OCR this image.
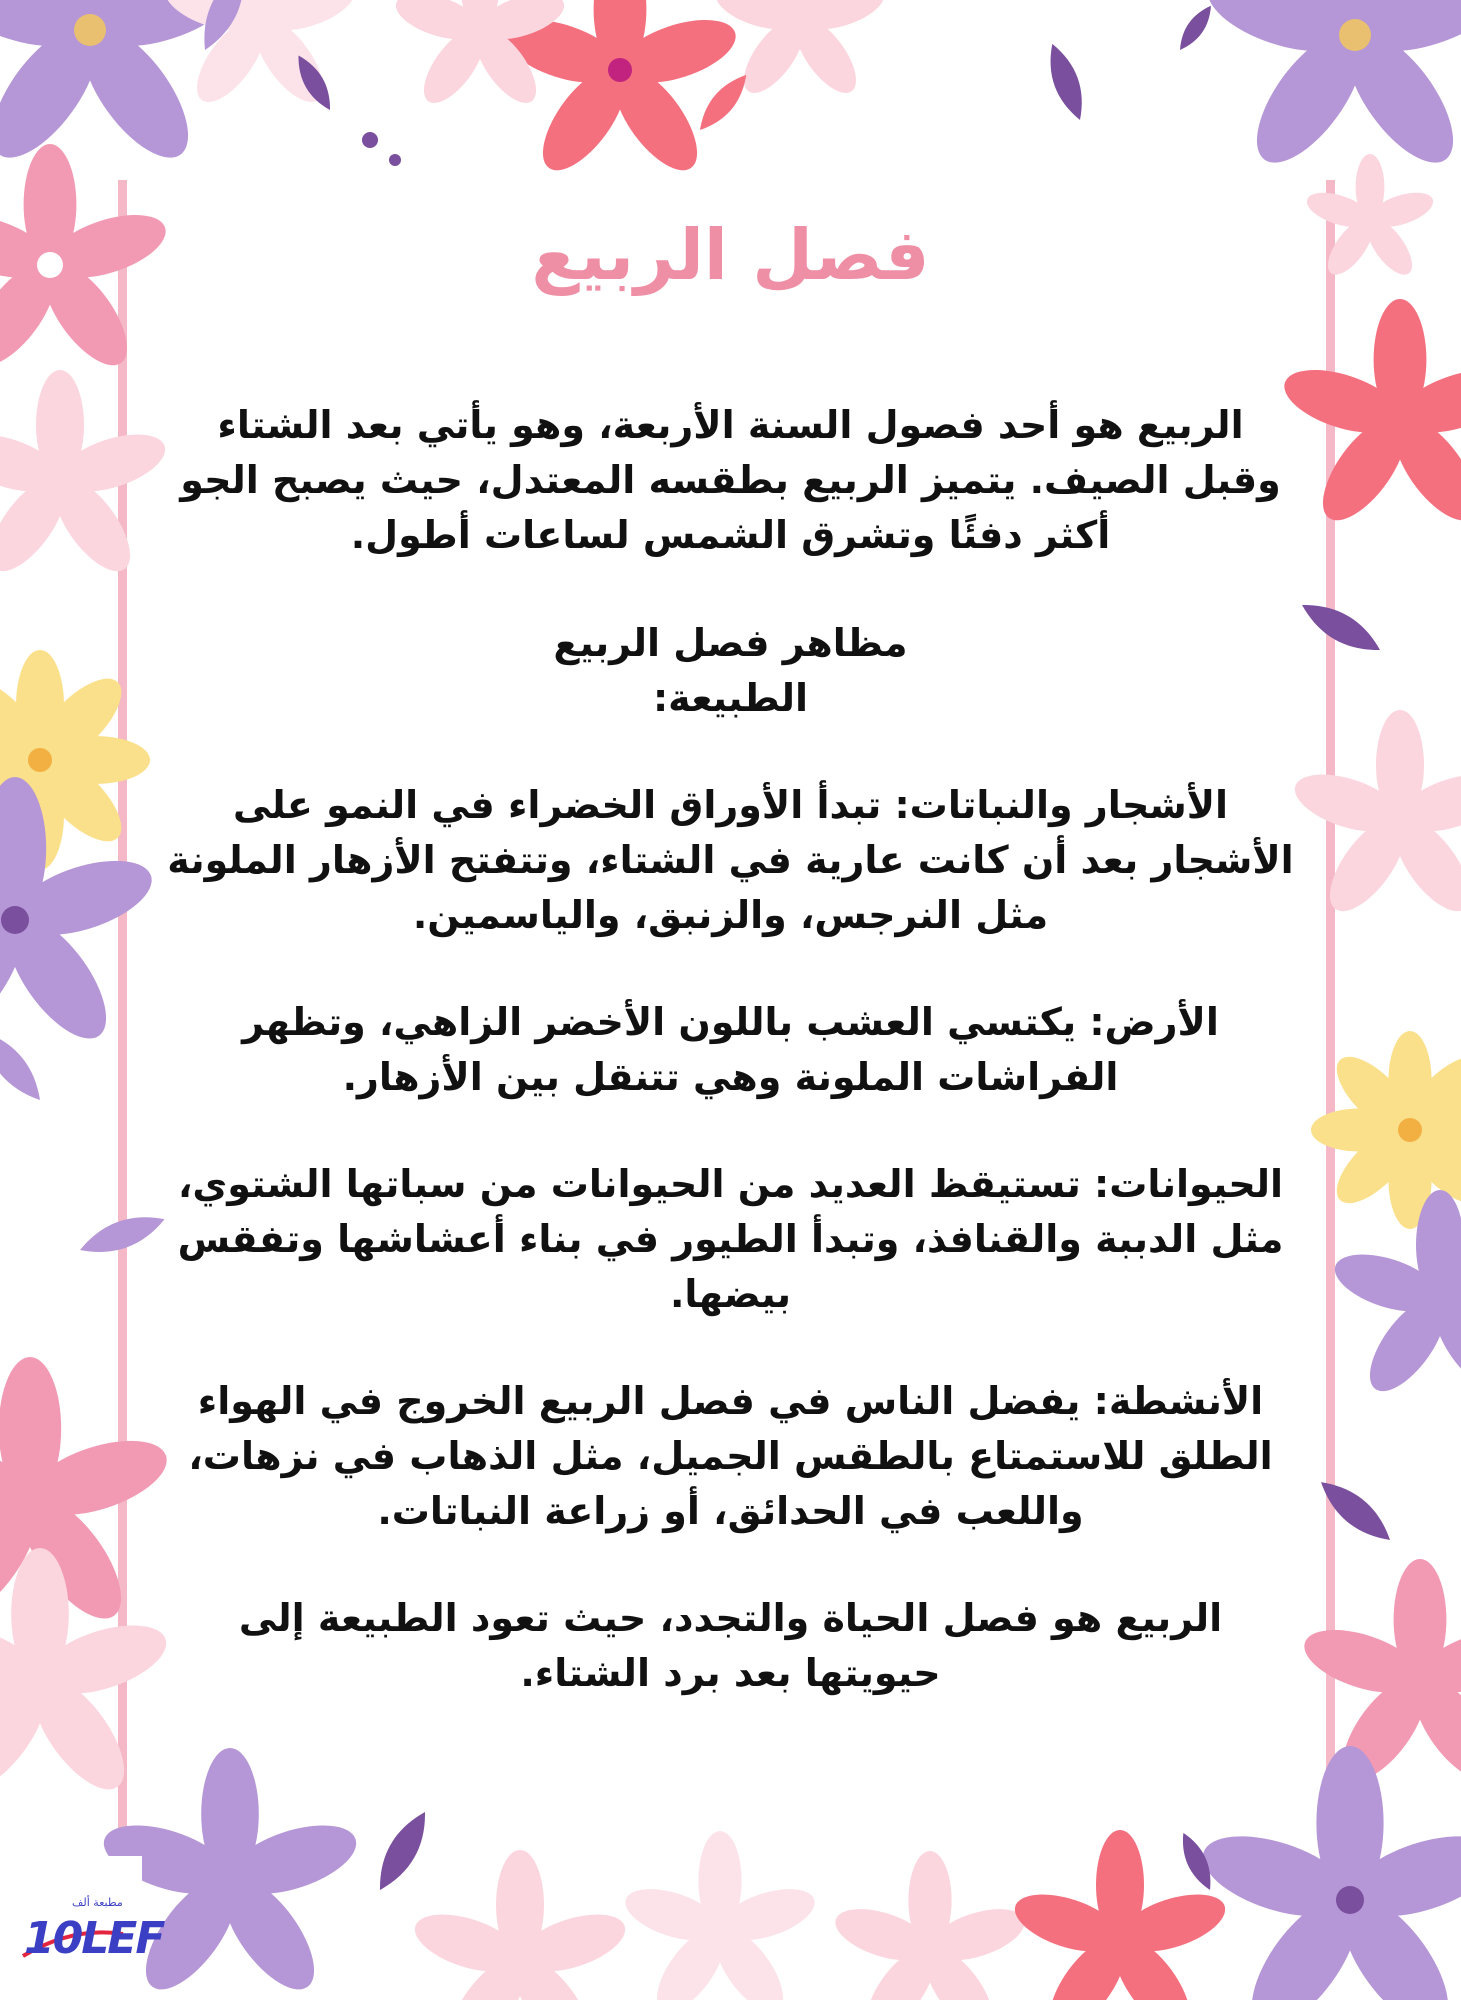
فصل الربيع

الربيع هو أحد فصول السنة الأربعة، وهو يأتي بعد الشتاء وقبل الصيف. يتميز الربيع بطقسه المعتدل، حيث يصبح الجو أكثر دفئًا وتشرق الشمس لساعات أطول.

مظاهر فصل الربيع

الطبيعة:

الأشجار والنباتات: تبدأ الأوراق الخضراء في النمو على الأشجار بعد أن كانت عارية في الشتاء، وتتفتح الأزهار الملونة مثل النرجس، والزنبق، والياسمين.

الأرض: يكتسي العشب باللون الأخضر الزاهي، وتظهر الفراشات الملونة وهي تتنقل بين الأزهار.

الحيوانات: تستيقظ العديد من الحيوانات من سباتها الشتوي، مثل الدببة والقنافذ، وتبدأ الطيور في بناء أعشاشها وتفقس بيضها.

الأنشطة: يفضل الناس في فصل الربيع الخروج في الهواء الطلق للاستمتاع بالطقس الجميل، مثل الذهاب في نزهات، واللعب في الحدائق، أو زراعة النباتات.

الربيع هو فصل الحياة والتجدد، حيث تعود الطبيعة إلى حيويتها بعد برد الشتاء.

مطبعة ألف
10LEF
